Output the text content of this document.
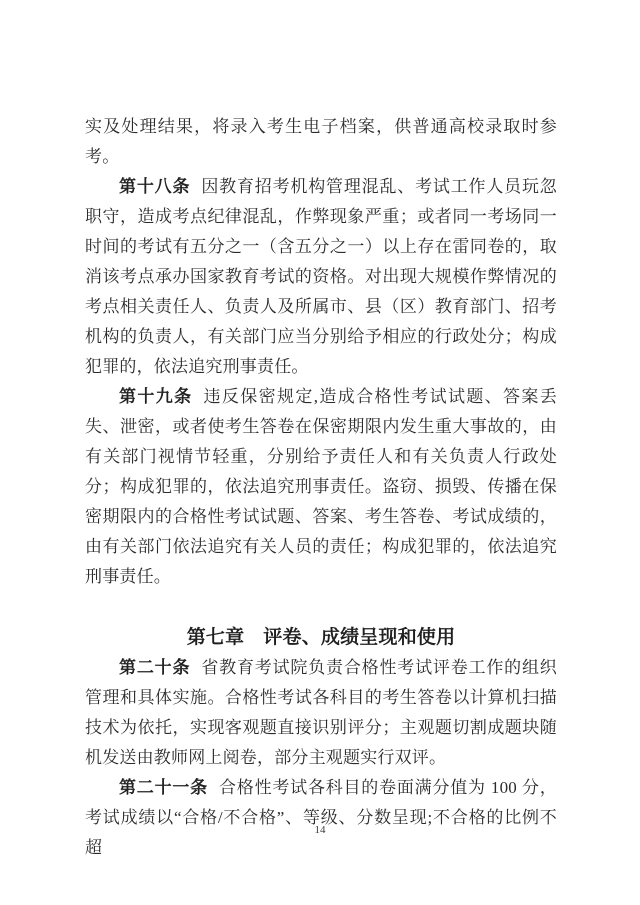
实及处理结果，将录入考生电子档案，供普通高校录取时参考。

第十八条 因教育招考机构管理混乱、考试工作人员玩忽职守，造成考点纪律混乱，作弊现象严重；或者同一考场同一时间的考试有五分之一（含五分之一）以上存在雷同卷的，取消该考点承办国家教育考试的资格。对出现大规模作弊情况的考点相关责任人、负责人及所属市、县（区）教育部门、招考机构的负责人，有关部门应当分别给予相应的行政处分；构成犯罪的，依法追究刑事责任。

第十九条 违反保密规定,造成合格性考试试题、答案丢失、泄密，或者使考生答卷在保密期限内发生重大事故的，由有关部门视情节轻重，分别给予责任人和有关负责人行政处分；构成犯罪的，依法追究刑事责任。盗窃、损毁、传播在保密期限内的合格性考试试题、答案、考生答卷、考试成绩的，由有关部门依法追究有关人员的责任；构成犯罪的，依法追究刑事责任。

第七章 评卷、成绩呈现和使用

第二十条 省教育考试院负责合格性考试评卷工作的组织管理和具体实施。合格性考试各科目的考生答卷以计算机扫描技术为依托，实现客观题直接识别评分；主观题切割成题块随机发送由教师网上阅卷，部分主观题实行双评。

第二十一条 合格性考试各科目的卷面满分值为 100 分，考试成绩以“合格/不合格”、等级、分数呈现;不合格的比例不超

14
